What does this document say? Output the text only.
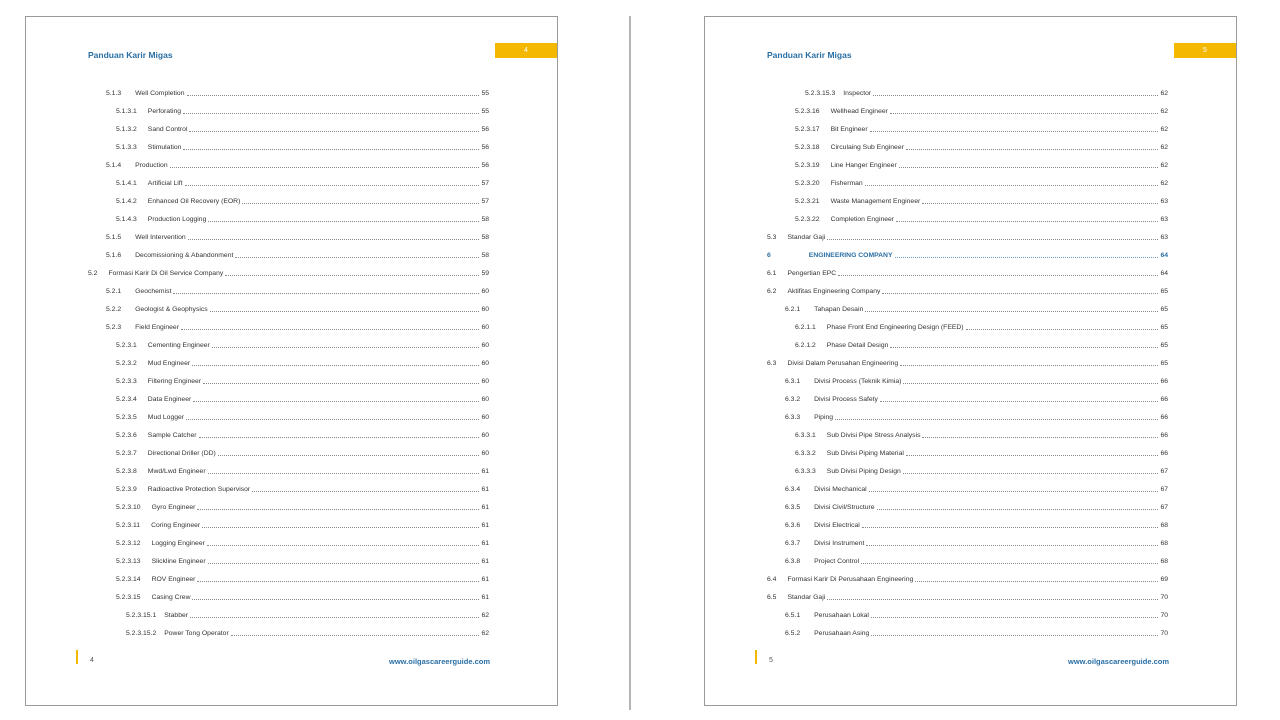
Panduan Karir Migas	4
5.1.3 Well Completion	55
5.1.3.1 Perforating	55
5.1.3.2 Sand Control	56
5.1.3.3 Stimulation	56
5.1.4 Production	56
5.1.4.1 Artificial Lift	57
5.1.4.2 Enhanced Oil Recovery (EOR)	57
5.1.4.3 Production Logging	58
5.1.5 Well Intervention	58
5.1.6 Decomissioning & Abandonment	58
5.2 Formasi Karir Di Oil Service Company	59
5.2.1 Geochemist	60
5.2.2 Geologist & Geophysics	60
5.2.3 Field Engineer	60
5.2.3.1 Cementing Engineer	60
5.2.3.2 Mud Engineer	60
5.2.3.3 Filtering Engineer	60
5.2.3.4 Data Engineer	60
5.2.3.5 Mud Logger	60
5.2.3.6 Sample Catcher	60
5.2.3.7 Directional Driller (DD)	60
5.2.3.8 Mwd/Lwd Engineer	61
5.2.3.9 Radioactive Protection Supervisor	61
5.2.3.10 Gyro Engineer	61
5.2.3.11 Coring Engineer	61
5.2.3.12 Logging Engineer	61
5.2.3.13 Slickline Engineer	61
5.2.3.14 ROV Engineer	61
5.2.3.15 Casing Crew	61
5.2.3.15.1 Stabber	62
5.2.3.15.2 Power Tong Operator	62
4	www.oilgascareerguide.com
Panduan Karir Migas	5
5.2.3.15.3 Inspector	62
5.2.3.16 Wellhead Engineer	62
5.2.3.17 Bit Engineer	62
5.2.3.18 Circulaing Sub Engineer	62
5.2.3.19 Line Hanger Engineer	62
5.2.3.20 Fisherman	62
5.2.3.21 Waste Management Engineer	63
5.2.3.22 Completion Engineer	63
5.3 Standar Gaji	63
6	ENGINEERING COMPANY	64
6.1 Pengertian EPC	64
6.2 Aktifitas Engineering Company	65
6.2.1 Tahapan Desain	65
6.2.1.1 Phase Front End Engineering Design (FEED)	65
6.2.1.2 Phase Detail Design	65
6.3 Divisi Dalam Perusahan Engineering	65
6.3.1 Divisi Process (Teknik Kimia)	66
6.3.2 Divisi Process Safety	66
6.3.3 Piping	66
6.3.3.1 Sub Divisi Pipe Stress Analysis	66
6.3.3.2 Sub Divisi Piping Material	66
6.3.3.3 Sub Divisi Piping Design	67
6.3.4 Divisi Mechanical	67
6.3.5 Divisi Civil/Structure	67
6.3.6 Divisi Electrical	68
6.3.7 Divisi Instrument	68
6.3.8 Project Control	68
6.4 Formasi Karir Di Perusahaan Engineering	69
6.5 Standar Gaji	70
6.5.1 Perusahaan Lokal	70
6.5.2 Perusahaan Asing	70
5	www.oilgascareerguide.com
